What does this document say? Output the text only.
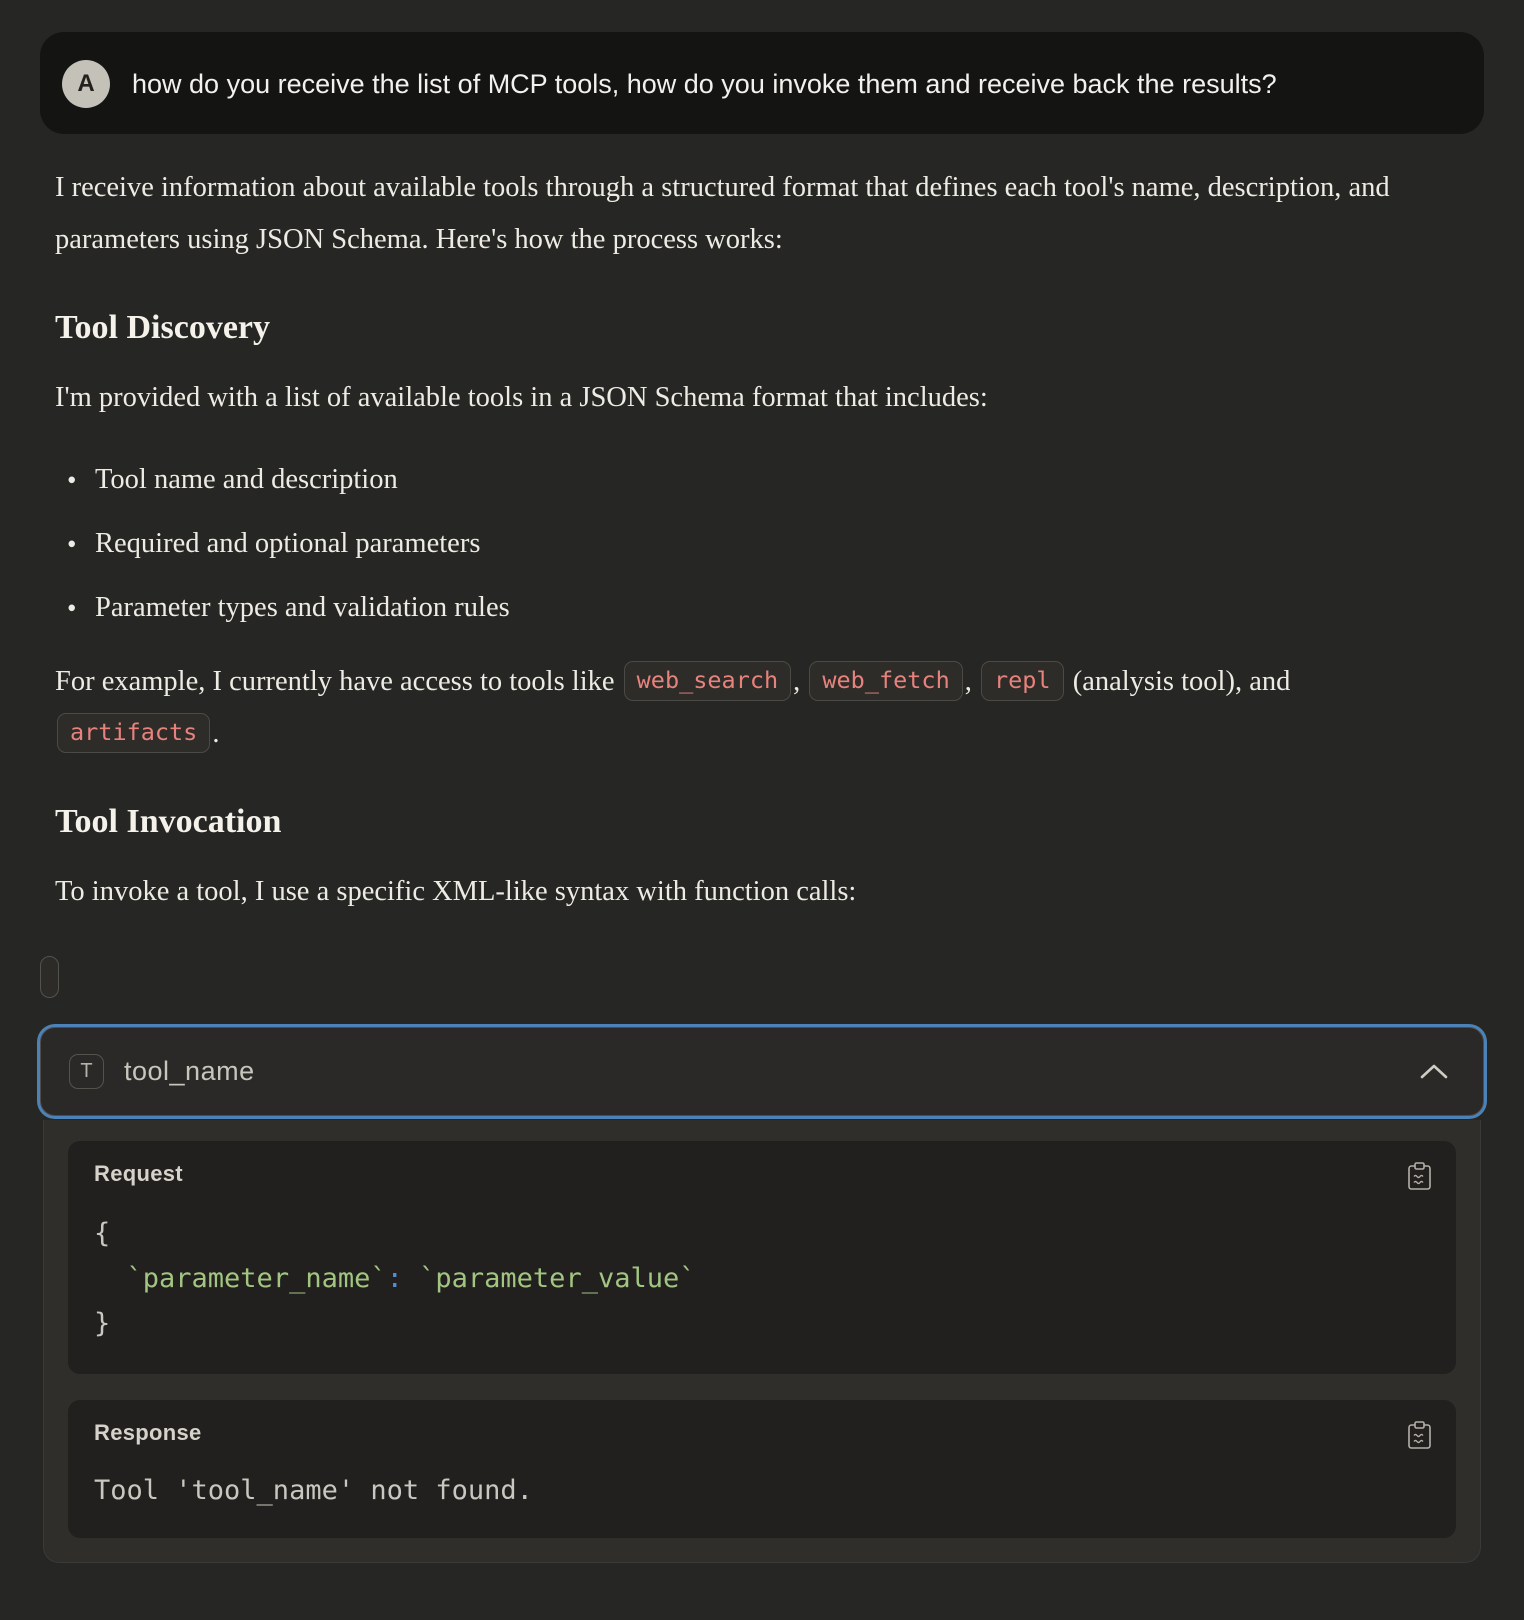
A	how do you receive the list of MCP tools, how do you invoke them and receive back the results?

I receive information about available tools through a structured format that defines each tool's name, description, and parameters using JSON Schema. Here's how the process works:

Tool Discovery

I'm provided with a list of available tools in a JSON Schema format that includes:

• Tool name and description
• Required and optional parameters
• Parameter types and validation rules

For example, I currently have access to tools like web_search , web_fetch , repl (analysis tool), and artifacts .

Tool Invocation

To invoke a tool, I use a specific XML-like syntax with function calls:

T	tool_name
Request
{
`parameter_name`: `parameter_value`
}
Response
Tool 'tool_name' not found.
